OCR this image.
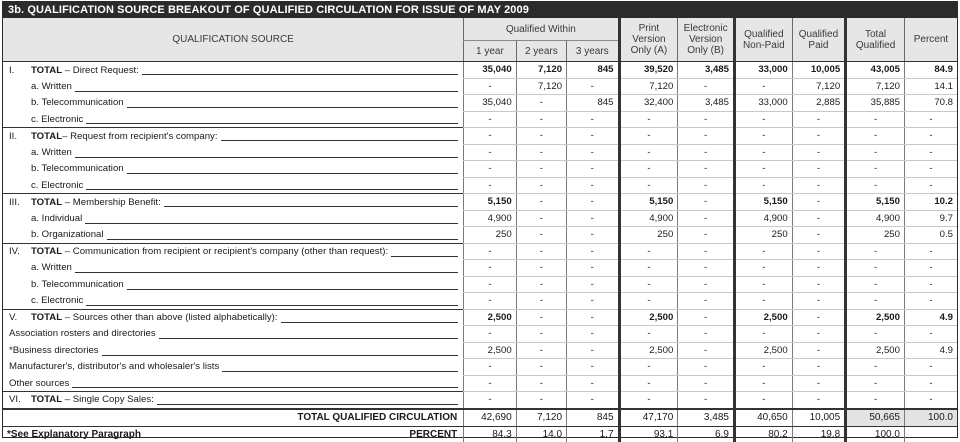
3b. QUALIFICATION SOURCE BREAKOUT OF QUALIFIED CIRCULATION FOR ISSUE OF MAY 2009
QUALIFICATION SOURCE	Qualified Within			Print
Version
Only (A)	Electronic
Version
Only (B)	Qualified
Non-Paid	Qualified
Paid	Total
Qualified	Percent
	1 year	2 years	3 years						
I. TOTAL – Direct Request:	35,040	7,120	845	39,520	3,485	33,000	10,005	43,005	84.9
a. Written	-	7,120	-	7,120	-	-	7,120	7,120	14.1
b. Telecommunication	35,040	-	845	32,400	3,485	33,000	2,885	35,885	70.8
c. Electronic	-	-	-	-	-	-	-	-	-
II. TOTAL– Request from recipient's company:	-	-	-	-	-	-	-	-	-
a. Written	-	-	-	-	-	-	-	-	-
b. Telecommunication	-	-	-	-	-	-	-	-	-
c. Electronic	-	-	-	-	-	-	-	-	-
III. TOTAL – Membership Benefit:	5,150	-	-	5,150	-	5,150	-	5,150	10.2
a. Individual	4,900	-	-	4,900	-	4,900	-	4,900	9.7
b. Organizational	250	-	-	250	-	250	-	250	0.5
IV. TOTAL – Communication from recipient or recipient's company (other than request):	-	-	-	-	-	-	-	-	-
a. Written	-	-	-	-	-	-	-	-	-
b. Telecommunication	-	-	-	-	-	-	-	-	-
c. Electronic	-	-	-	-	-	-	-	-	-
V. TOTAL – Sources other than above (listed alphabetically):	2,500	-	-	2,500	-	2,500	-	2,500	4.9
Association rosters and directories	-	-	-	-	-	-	-	-	-
*Business directories	2,500	-	-	2,500	-	2,500	-	2,500	4.9
Manufacturer's, distributor's and wholesaler's lists	-	-	-	-	-	-	-	-	-
Other sources	-	-	-	-	-	-	-	-	-
VI. TOTAL – Single Copy Sales:	-	-	-	-	-	-	-	-	-
TOTAL QUALIFIED CIRCULATION	42,690	7,120	845	47,170	3,485	40,650	10,005	50,665	100.0
*See Explanatory Paragraph PERCENT	84.3	14.0	1.7	93.1	6.9	80.2	19.8	100.0	
